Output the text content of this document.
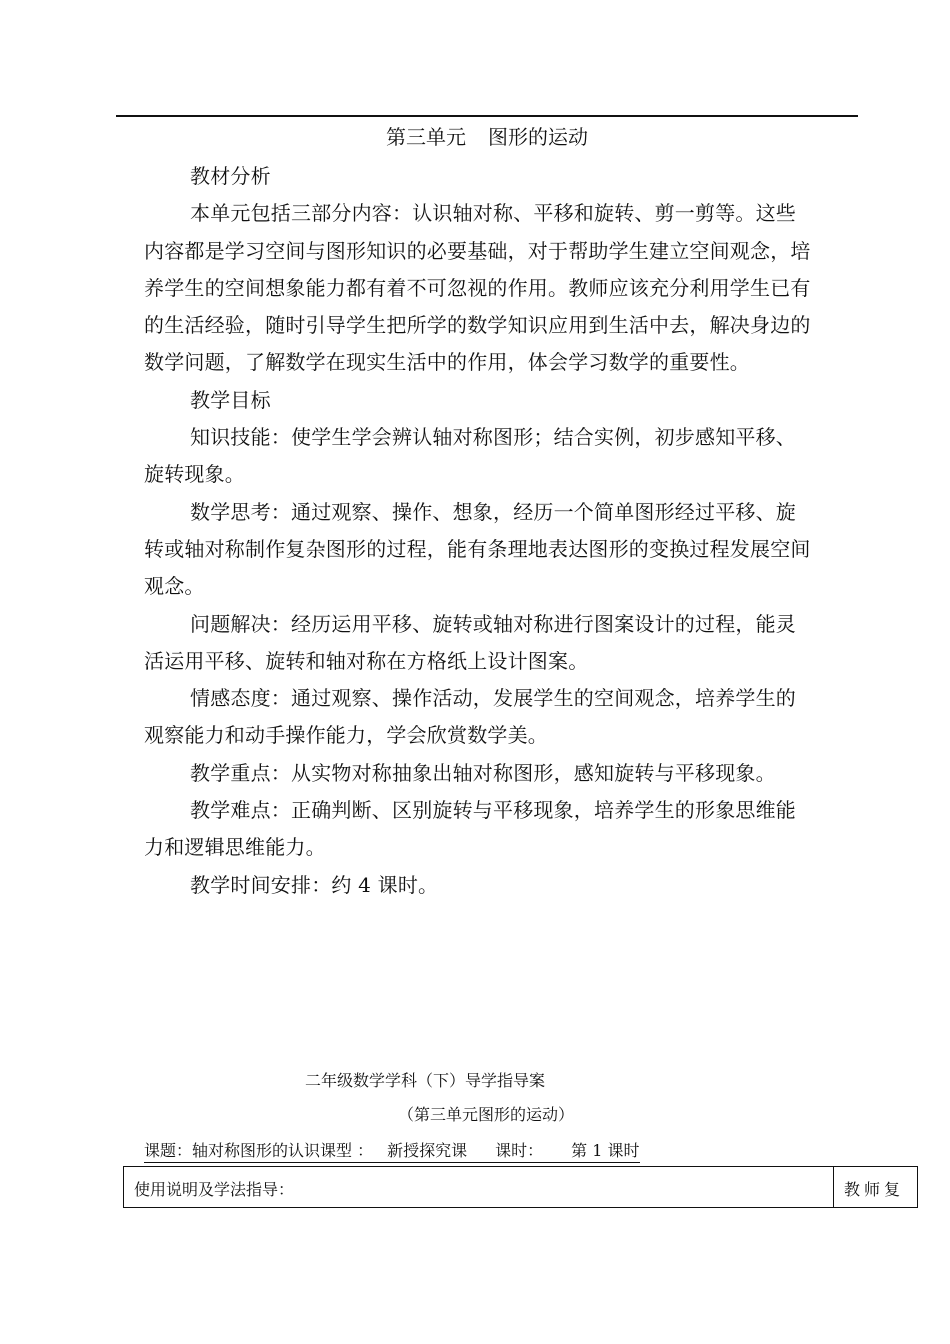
第三单元 图形的运动

教材分析

本单元包括三部分内容：认识轴对称、平移和旋转、剪一剪等。这些内容都是学习空间与图形知识的必要基础，对于帮助学生建立空间观念，培养学生的空间想象能力都有着不可忽视的作用。教师应该充分利用学生已有的生活经验，随时引导学生把所学的数学知识应用到生活中去，解决身边的数学问题，了解数学在现实生活中的作用，体会学习数学的重要性。

教学目标

知识技能：使学生学会辨认轴对称图形；结合实例，初步感知平移、旋转现象。

数学思考：通过观察、操作、想象，经历一个简单图形经过平移、旋转或轴对称制作复杂图形的过程，能有条理地表达图形的变换过程发展空间观念。

问题解决：经历运用平移、旋转或轴对称进行图案设计的过程，能灵活运用平移、旋转和轴对称在方格纸上设计图案。

情感态度：通过观察、操作活动，发展学生的空间观念，培养学生的观察能力和动手操作能力，学会欣赏数学美。

教学重点：从实物对称抽象出轴对称图形，感知旋转与平移现象。

教学难点：正确判断、区别旋转与平移现象，培养学生的形象思维能力和逻辑思维能力。

教学时间安排：约 4 课时。

二年级数学学科（下）导学指导案
（第三单元图形的运动）
课题：轴对称图形的认识课型 ： 新授探究课 课时： 第 1 课时
使用说明及学法指导：	教师复
